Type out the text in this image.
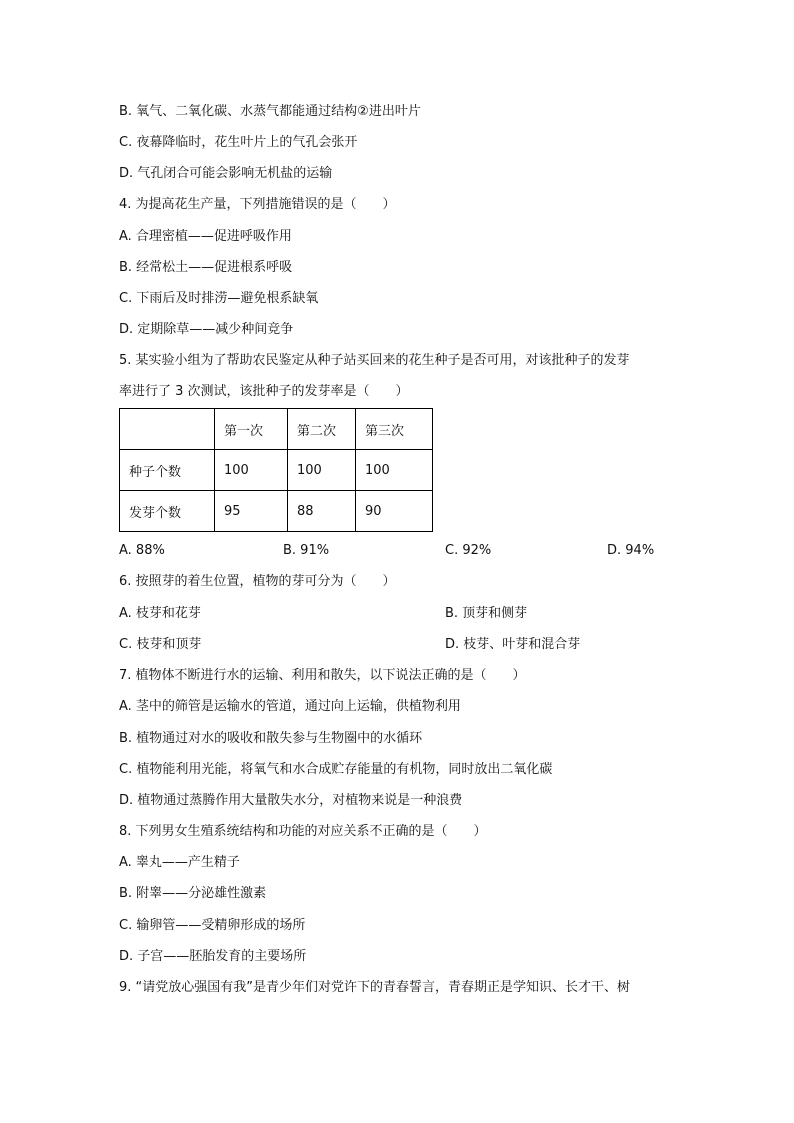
B. 氧气、二氧化碳、水蒸气都能通过结构②进出叶片
C. 夜幕降临时，花生叶片上的气孔会张开
D. 气孔闭合可能会影响无机盐的运输
4. 为提高花生产量，下列措施错误的是（　　）
A. 合理密植——促进呼吸作用
B. 经常松土——促进根系呼吸
C. 下雨后及时排涝—避免根系缺氧
D. 定期除草——减少种间竞争
5. 某实验小组为了帮助农民鉴定从种子站买回来的花生种子是否可用，对该批种子的发芽
率进行了 3 次测试，该批种子的发芽率是（　　）
	第一次	第二次	第三次
种子个数	100	100	100
发芽个数	95	88	90
A. 88%	B. 91%	C. 92%	D. 94%
6. 按照芽的着生位置，植物的芽可分为（　　）
A. 枝芽和花芽	B. 顶芽和侧芽
C. 枝芽和顶芽	D. 枝芽、叶芽和混合芽
7. 植物体不断进行水的运输、利用和散失，以下说法正确的是（　　）
A. 茎中的筛管是运输水的管道，通过向上运输，供植物利用
B. 植物通过对水的吸收和散失参与生物圈中的水循环
C. 植物能利用光能，将氧气和水合成贮存能量的有机物，同时放出二氧化碳
D. 植物通过蒸腾作用大量散失水分，对植物来说是一种浪费
8. 下列男女生殖系统结构和功能的对应关系不正确的是（　　）
A. 睾丸——产生精子
B. 附睾——分泌雄性激素
C. 输卵管——受精卵形成的场所
D. 子宫——胚胎发育的主要场所
9. “请党放心强国有我”是青少年们对党许下的青春誓言，青春期正是学知识、长才干、树
